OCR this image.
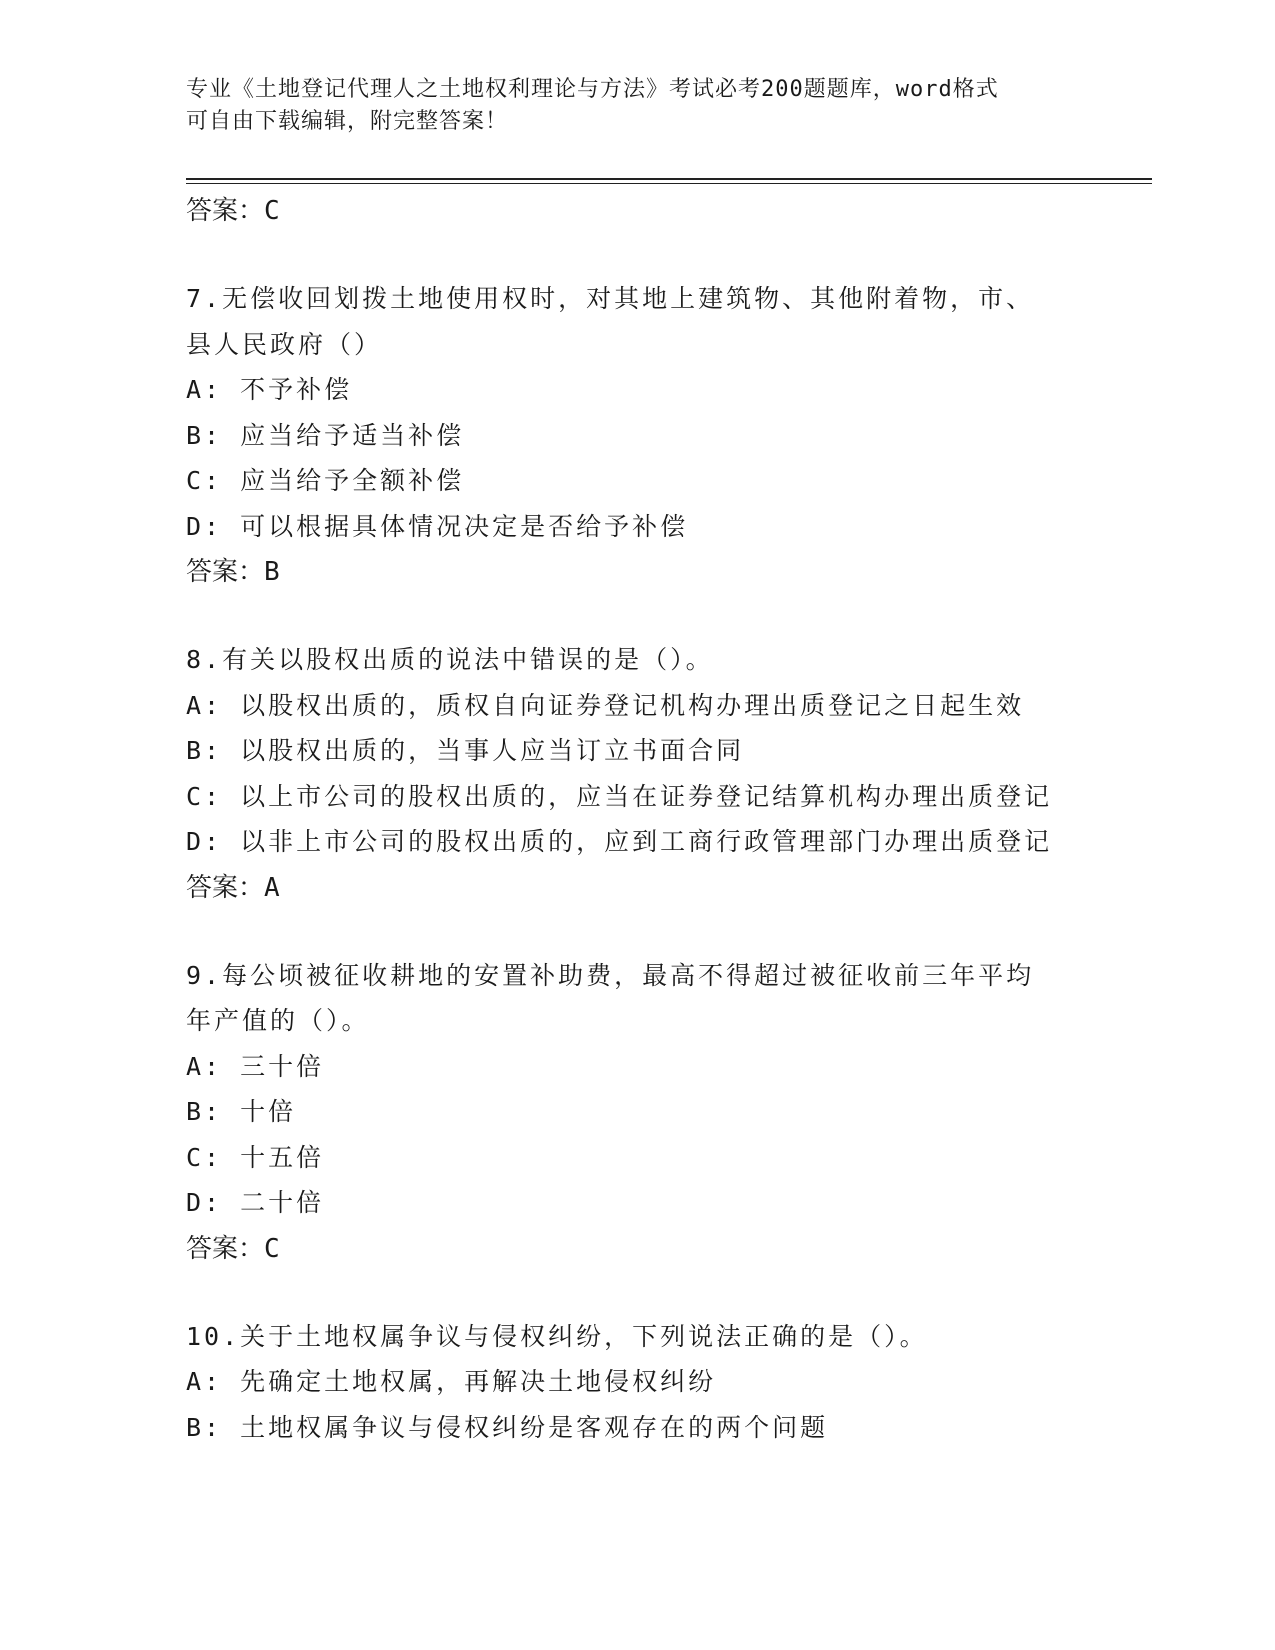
专业《土地登记代理人之土地权利理论与方法》考试必考200题题库，word格式
可自由下载编辑，附完整答案！
答案：C
7.无偿收回划拨土地使用权时，对其地上建筑物、其他附着物，市、
县人民政府（）
A: 不予补偿
B: 应当给予适当补偿
C: 应当给予全额补偿
D: 可以根据具体情况决定是否给予补偿
答案：B
8.有关以股权出质的说法中错误的是（）。
A: 以股权出质的，质权自向证券登记机构办理出质登记之日起生效
B: 以股权出质的，当事人应当订立书面合同
C: 以上市公司的股权出质的，应当在证券登记结算机构办理出质登记
D: 以非上市公司的股权出质的，应到工商行政管理部门办理出质登记
答案：A
9.每公顷被征收耕地的安置补助费，最高不得超过被征收前三年平均
年产值的（）。
A: 三十倍
B: 十倍
C: 十五倍
D: 二十倍
答案：C
10.关于土地权属争议与侵权纠纷，下列说法正确的是（）。
A: 先确定土地权属，再解决土地侵权纠纷
B: 土地权属争议与侵权纠纷是客观存在的两个问题
